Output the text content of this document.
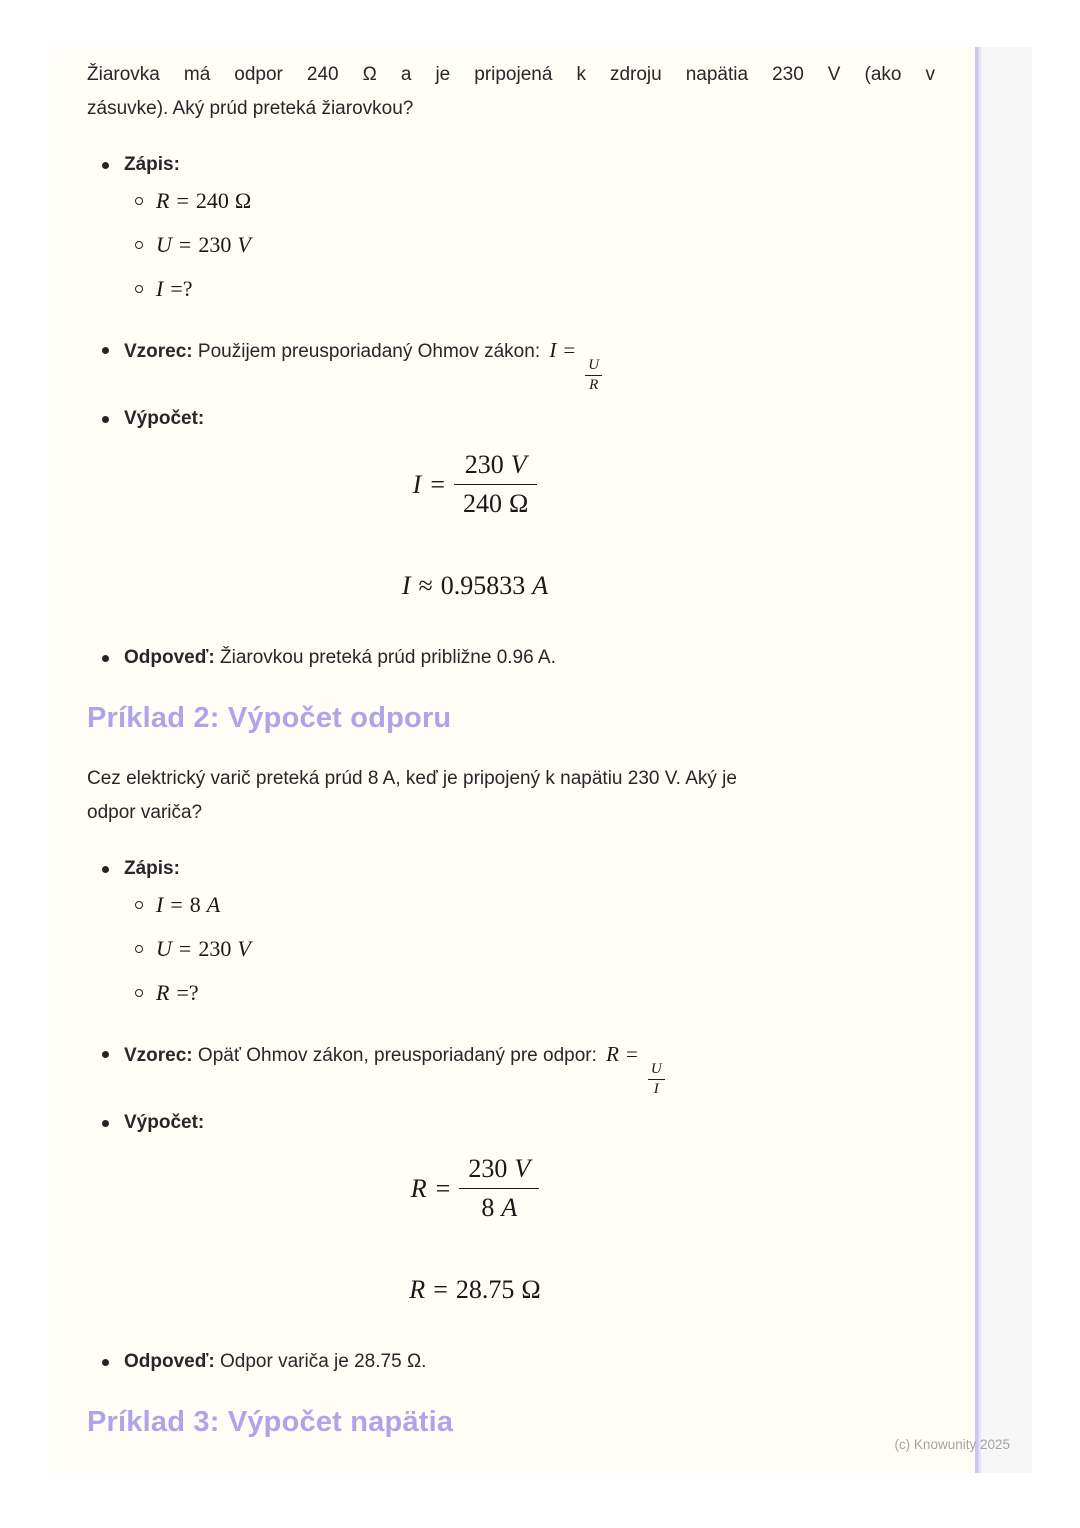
Žiarovka má odpor 240 Ω a je pripojená k zdroju napätia 230 V (ako v
zásuvke). Aký prúd preteká žiarovkou?
Zápis:
R = 240 Ω
U = 230 V
I =?
Vzorec: Použijem preusporiadaný Ohmov zákon: I =
$\frac{U}{R}$
Výpočet:
$I = \frac{230 V}{240 \Omega}$
I ≈ 0.95833 A
Odpoveď: Žiarovkou preteká prúd približne 0.96 A.
Príklad 2: Výpočet odporu
Cez elektrický varič preteká prúd 8 A, keď je pripojený k napätiu 230 V. Aký je
odpor variča?
Zápis:
I = 8 A
U = 230 V
R =?
Vzorec: Opäť Ohmov zákon, preusporiadaný pre odpor: R =
$\frac{U}{I}$
Výpočet:
$R = \frac{230 V}{8 A}$
R = 28.75 Ω
Odpoveď: Odpor variča je 28.75 Ω.
Príklad 3: Výpočet napätia
(c) Knowunity 2025
